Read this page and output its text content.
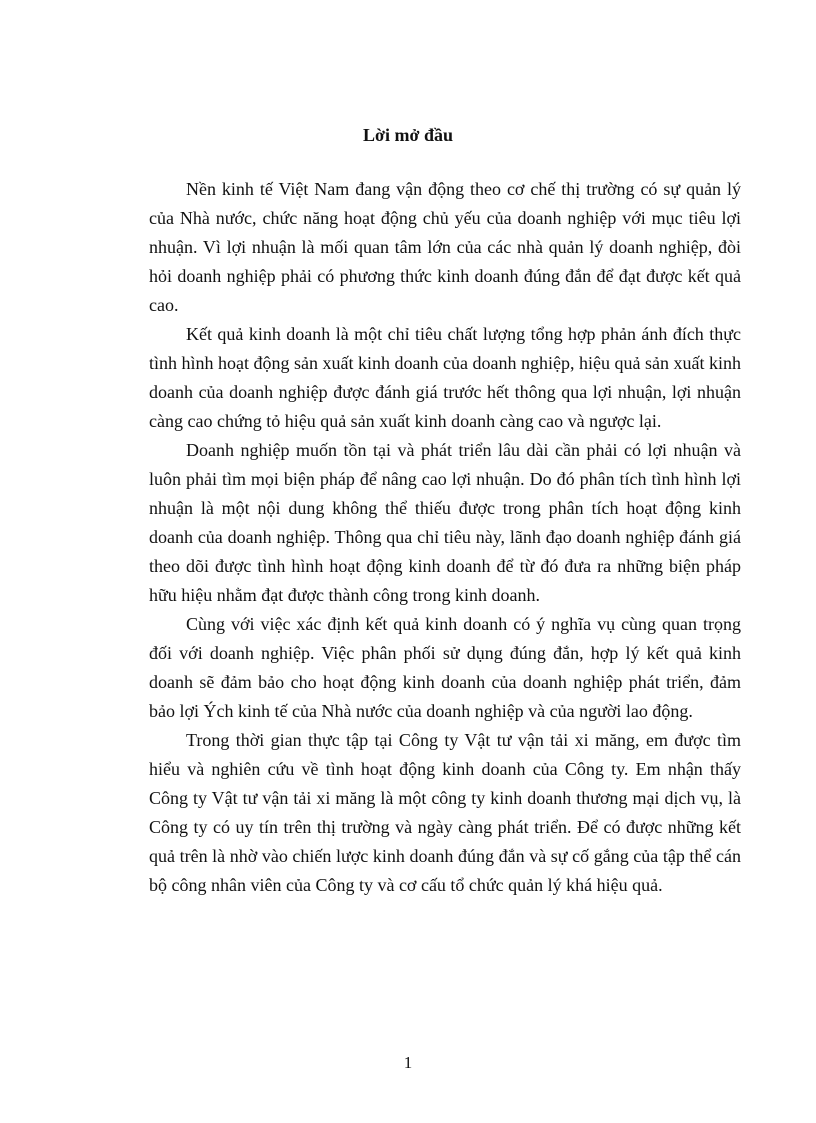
Lời mở đầu

Nền kinh tế Việt Nam đang vận động theo cơ chế thị trường có sự quản lý của Nhà nước, chức năng hoạt động chủ yếu của doanh nghiệp với mục tiêu lợi nhuận. Vì lợi nhuận là mối quan tâm lớn của các nhà quản lý doanh nghiệp, đòi hỏi doanh nghiệp phải có phương thức kinh doanh đúng đắn để đạt được kết quả cao.

Kết quả kinh doanh là một chỉ tiêu chất lượng tổng hợp phản ánh đích thực tình hình hoạt động sản xuất kinh doanh của doanh nghiệp, hiệu quả sản xuất kinh doanh của doanh nghiệp được đánh giá trước hết thông qua lợi nhuận, lợi nhuận càng cao chứng tỏ hiệu quả sản xuất kinh doanh càng cao và ngược lại.

Doanh nghiệp muốn tồn tại và phát triển lâu dài cần phải có lợi nhuận và luôn phải tìm mọi biện pháp để nâng cao lợi nhuận. Do đó phân tích tình hình lợi nhuận là một nội dung không thể thiếu được trong phân tích hoạt động kinh doanh của doanh nghiệp. Thông qua chỉ tiêu này, lãnh đạo doanh nghiệp đánh giá theo dõi được tình hình hoạt động kinh doanh để từ đó đưa ra những biện pháp hữu hiệu nhằm đạt được thành công trong kinh doanh.

Cùng với việc xác định kết quả kinh doanh có ý nghĩa vụ cùng quan trọng đối với doanh nghiệp. Việc phân phối sử dụng đúng đắn, hợp lý kết quả kinh doanh sẽ đảm bảo cho hoạt động kinh doanh của doanh nghiệp phát triển, đảm bảo lợi Ých kinh tế của Nhà nước của doanh nghiệp và của người lao động.

Trong thời gian thực tập tại Công ty Vật tư vận tải xi măng, em được tìm hiểu và nghiên cứu về tình hoạt động kinh doanh của Công ty. Em nhận thấy Công ty Vật tư vận tải xi măng là một công ty kinh doanh thương mại dịch vụ, là Công ty có uy tín trên thị trường và ngày càng phát triển. Để có được những kết quả trên là nhờ vào chiến lược kinh doanh đúng đắn và sự cố gắng của tập thể cán bộ công nhân viên của Công ty và cơ cấu tổ chức quản lý khá hiệu quả.

1
